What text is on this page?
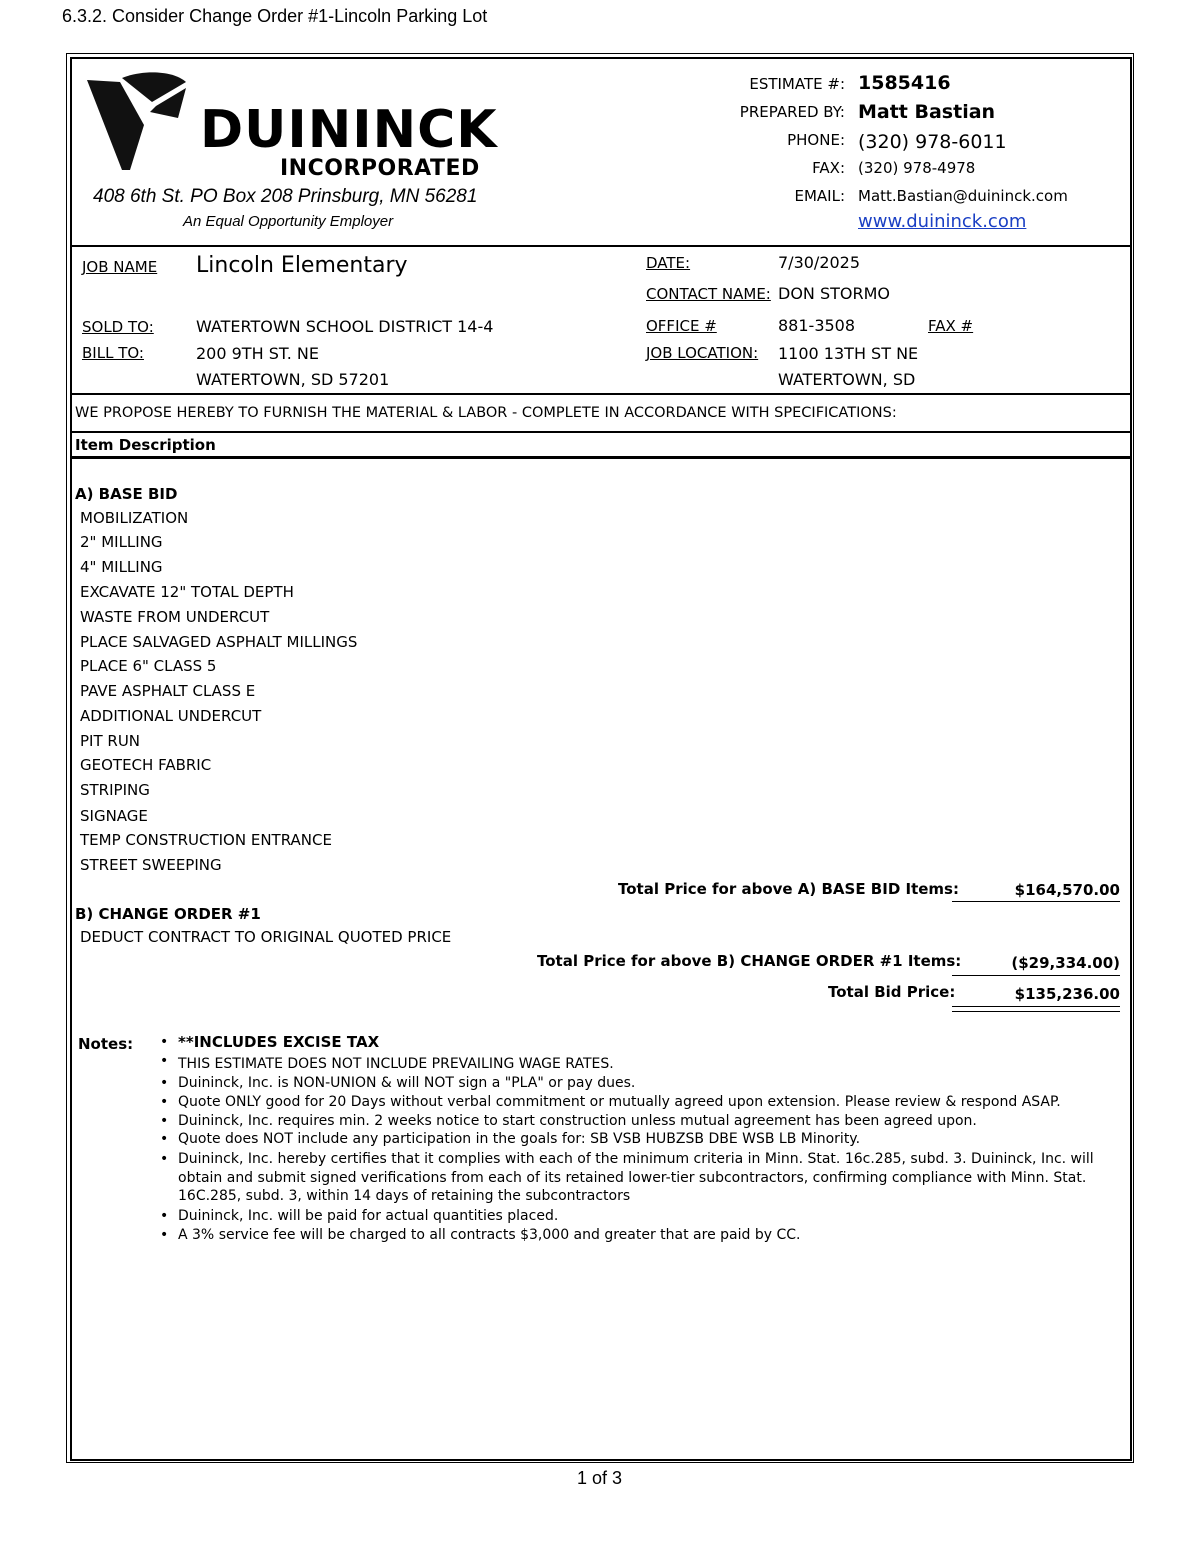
6.3.2. Consider Change Order #1-Lincoln Parking Lot
DUININCK
INCORPORATED
408 6th St. PO Box 208 Prinsburg, MN 56281
An Equal Opportunity Employer
ESTIMATE #: 1585416
PREPARED BY: Matt Bastian
PHONE: (320) 978-6011
FAX: (320) 978-4978
EMAIL: Matt.Bastian@duininck.com
www.duininck.com
JOB NAME Lincoln Elementary	DATE:	7/30/2025
CONTACT NAME: DON STORMO
SOLD TO:	WATERTOWN SCHOOL DISTRICT 14-4	OFFICE #	881-3508	FAX #
BILL TO:	200 9TH ST. NE
WATERTOWN, SD 57201
JOB LOCATION: 1100 13TH ST NE
WATERTOWN, SD
WE PROPOSE HEREBY TO FURNISH THE MATERIAL & LABOR - COMPLETE IN ACCORDANCE WITH SPECIFICATIONS:
Item Description
A) BASE BID
MOBILIZATION
2" MILLING
4" MILLING
EXCAVATE 12" TOTAL DEPTH
WASTE FROM UNDERCUT
PLACE SALVAGED ASPHALT MILLINGS
PLACE 6" CLASS 5
PAVE ASPHALT CLASS E
ADDITIONAL UNDERCUT
PIT RUN
GEOTECH FABRIC
STRIPING
SIGNAGE
TEMP CONSTRUCTION ENTRANCE
STREET SWEEPING
Total Price for above A) BASE BID Items:	$164,570.00
B) CHANGE ORDER #1
DEDUCT CONTRACT TO ORIGINAL QUOTED PRICE
Total Price for above B) CHANGE ORDER #1 Items:	($29,334.00)
Total Bid Price:	$135,236.00
Notes: • **INCLUDES EXCISE TAX
• THIS ESTIMATE DOES NOT INCLUDE PREVAILING WAGE RATES.
• Duininck, Inc. is NON-UNION & will NOT sign a "PLA" or pay dues.
• Quote ONLY good for 20 Days without verbal commitment or mutually agreed upon extension. Please review & respond ASAP.
• Duininck, Inc. requires min. 2 weeks notice to start construction unless mutual agreement has been agreed upon.
• Quote does NOT include any participation in the goals for: SB VSB HUBZSB DBE WSB LB Minority.
• Duininck, Inc. hereby certifies that it complies with each of the minimum criteria in Minn. Stat. 16c.285, subd. 3. Duininck, Inc. will
obtain and submit signed verifications from each of its retained lower-tier subcontractors, confirming compliance with Minn. Stat.
16C.285, subd. 3, within 14 days of retaining the subcontractors
• Duininck, Inc. will be paid for actual quantities placed.
• A 3% service fee will be charged to all contracts $3,000 and greater that are paid by CC.
1 of 3
